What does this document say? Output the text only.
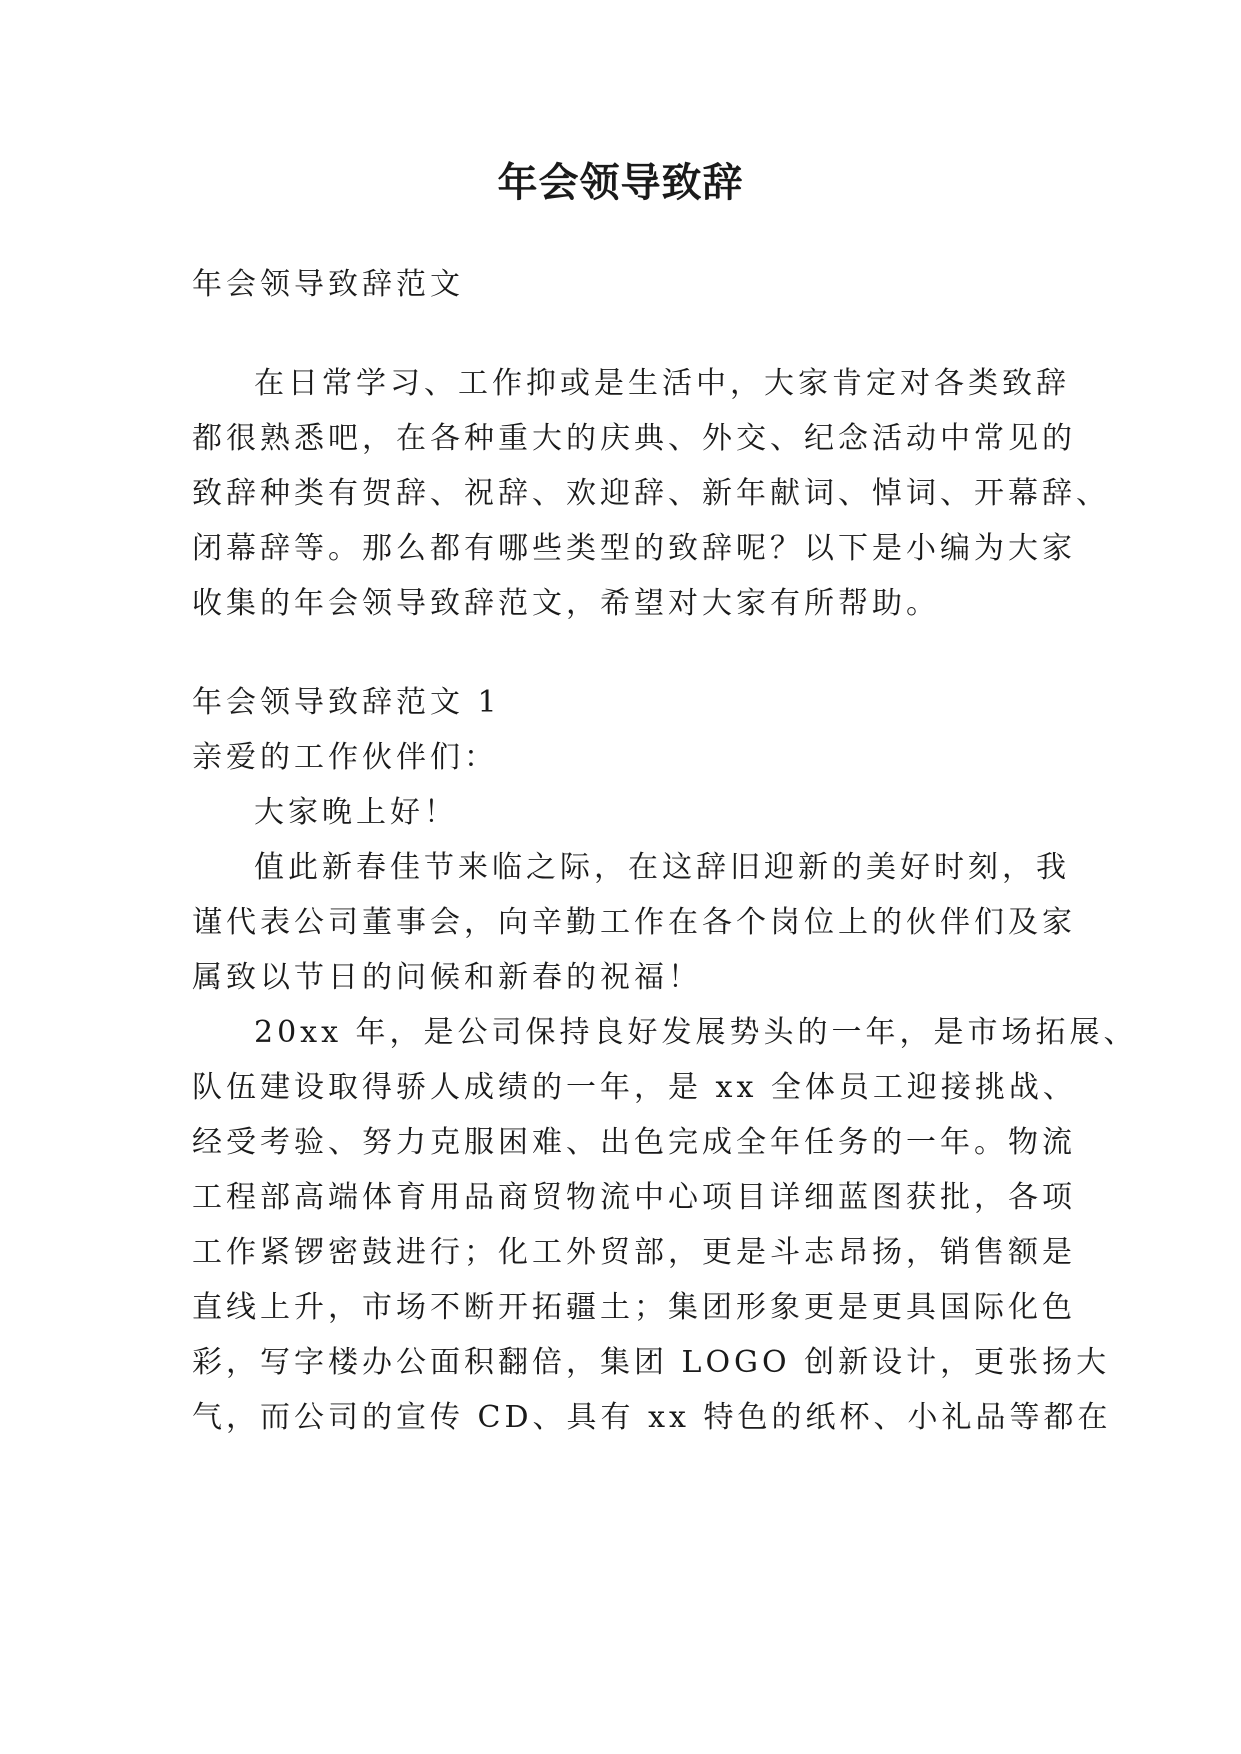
年会领导致辞
年会领导致辞范文
在日常学习、工作抑或是生活中，大家肯定对各类致辞
都很熟悉吧，在各种重大的庆典、外交、纪念活动中常见的
致辞种类有贺辞、祝辞、欢迎辞、新年献词、悼词、开幕辞、
闭幕辞等。那么都有哪些类型的致辞呢？以下是小编为大家
收集的年会领导致辞范文，希望对大家有所帮助。
年会领导致辞范文 1
亲爱的工作伙伴们：
大家晚上好！
值此新春佳节来临之际，在这辞旧迎新的美好时刻，我
谨代表公司董事会，向辛勤工作在各个岗位上的伙伴们及家
属致以节日的问候和新春的祝福！
20xx 年，是公司保持良好发展势头的一年，是市场拓展、
队伍建设取得骄人成绩的一年，是 xx 全体员工迎接挑战、
经受考验、努力克服困难、出色完成全年任务的一年。物流
工程部高端体育用品商贸物流中心项目详细蓝图获批，各项
工作紧锣密鼓进行；化工外贸部，更是斗志昂扬，销售额是
直线上升，市场不断开拓疆土；集团形象更是更具国际化色
彩，写字楼办公面积翻倍，集团 LOGO 创新设计，更张扬大
气，而公司的宣传 CD、具有 xx 特色的纸杯、小礼品等都在
